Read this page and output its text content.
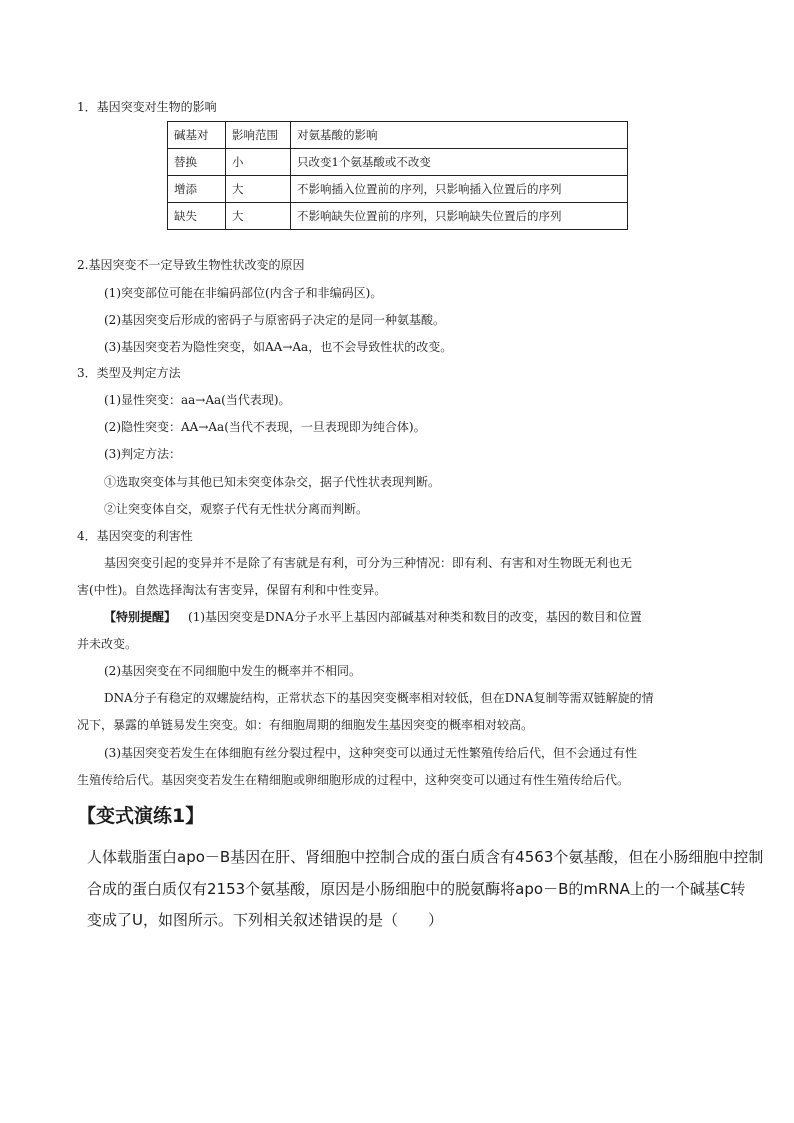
1．基因突变对生物的影响
碱基对	影响范围	对氨基酸的影响
替换	小	只改变1个氨基酸或不改变
增添	大	不影响插入位置前的序列，只影响插入位置后的序列
缺失	大	不影响缺失位置前的序列，只影响缺失位置后的序列
2.基因突变不一定导致生物性状改变的原因
(1)突变部位可能在非编码部位(内含子和非编码区)。
(2)基因突变后形成的密码子与原密码子决定的是同一种氨基酸。
(3)基因突变若为隐性突变，如AA→Aa，也不会导致性状的改变。
3．类型及判定方法
(1)显性突变：aa→Aa(当代表现)。
(2)隐性突变：AA→Aa(当代不表现，一旦表现即为纯合体)。
(3)判定方法：
①选取突变体与其他已知未突变体杂交，据子代性状表现判断。
②让突变体自交，观察子代有无性状分离而判断。
4．基因突变的利害性
基因突变引起的变异并不是除了有害就是有利，可分为三种情况：即有利、有害和对生物既无利也无
害(中性)。自然选择淘汰有害变异，保留有利和中性变异。
【特别提醒】 (1)基因突变是DNA分子水平上基因内部碱基对种类和数目的改变，基因的数目和位置
并未改变。
(2)基因突变在不同细胞中发生的概率并不相同。
DNA分子有稳定的双螺旋结构，正常状态下的基因突变概率相对较低，但在DNA复制等需双链解旋的情
况下，暴露的单链易发生突变。如：有细胞周期的细胞发生基因突变的概率相对较高。
(3)基因突变若发生在体细胞有丝分裂过程中，这种突变可以通过无性繁殖传给后代，但不会通过有性
生殖传给后代。基因突变若发生在精细胞或卵细胞形成的过程中，这种突变可以通过有性生殖传给后代。
【变式演练1】
人体载脂蛋白apo－B基因在肝、肾细胞中控制合成的蛋白质含有4563个氨基酸，但在小肠细胞中控制
合成的蛋白质仅有2153个氨基酸，原因是小肠细胞中的脱氨酶将apo－B的mRNA上的一个碱基C转
变成了U，如图所示。下列相关叙述错误的是（　　）
